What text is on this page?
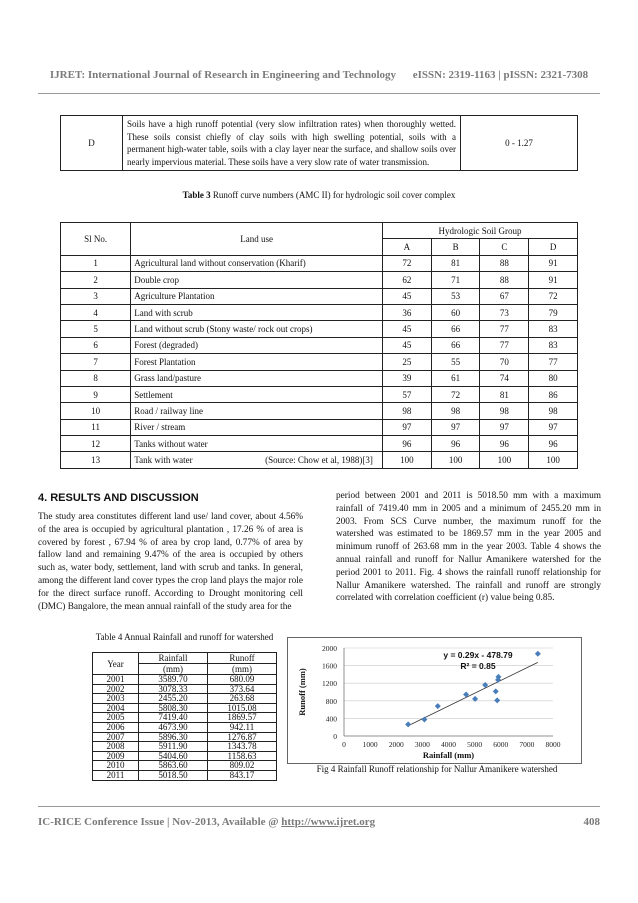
IJRET: International Journal of Research in Engineering and Technology eISSN: 2319-1163 | pISSN: 2321-7308
D	Soils have a high runoff potential (very slow infiltration rates) when thoroughly wetted. These soils consist chiefly of clay soils with high swelling potential, soils with a permanent high-water table, soils with a clay layer near the surface, and shallow soils over nearly impervious material. These soils have a very slow rate of water transmission.	0 - 1.27
Table 3 Runoff curve numbers (AMC II) for hydrologic soil cover complex
Sl No.	Land use	Hydrologic Soil Group			
		A	B	C	D
1	Agricultural land without conservation (Kharif)	72	81	88	91
2	Double crop	62	71	88	91
3	Agriculture Plantation	45	53	67	72
4	Land with scrub	36	60	73	79
5	Land without scrub (Stony waste/ rock out crops)	45	66	77	83
6	Forest (degraded)	45	66	77	83
7	Forest Plantation	25	55	70	77
8	Grass land/pasture	39	61	74	80
9	Settlement	57	72	81	86
10	Road / railway line	98	98	98	98
11	River / stream	97	97	97	97
12	Tanks without water	96	96	96	96
13	Tank with water	100	100	100	100
(Source: Chow et al, 1988)[3]
4. RESULTS AND DISCUSSION
The study area constitutes different land use/ land cover, about 4.56% of the area is occupied by agricultural plantation , 17.26 % of area is covered by forest , 67.94 % of area by crop land, 0.77% of area by fallow land and remaining 9.47% of the area is occupied by others such as, water body, settlement, land with scrub and tanks. In general, among the different land cover types the crop land plays the major role for the direct surface runoff. According to Drought monitoring cell (DMC) Bangalore, the mean annual rainfall of the study area for the
period between 2001 and 2011 is 5018.50 mm with a maximum rainfall of 7419.40 mm in 2005 and a minimum of 2455.20 mm in 2003. From SCS Curve number, the maximum runoff for the watershed was estimated to be 1869.57 mm in the year 2005 and minimum runoff of 263.68 mm in the year 2003. Table 4 shows the annual rainfall and runoff for Nallur Amanikere watershed for the period 2001 to 2011. Fig. 4 shows the rainfall runoff relationship for Nallur Amanikere watershed. The rainfall and runoff are strongly correlated with correlation coefficient (r) value being 0.85.
Table 4 Annual Rainfall and runoff for watershed
Year	Rainfall	Runoff
	(mm)	(mm)
2001	3589.70	680.09
2002	3078.33	373.64
2003	2455.20	263.68
2004	5808.30	1015.08
2005	7419.40	1869.57
2006	4673.90	942.11
2007	5896.30	1276.87
2008	5911.90	1343.78
2009	5404.60	1158.63
2010	5863.60	809.02
2011	5018.50	843.17
0
400
800
1200
1600
2000
0 1000 2000 3000 4000 5000 6000 7000 8000
y = 0.29x - 478.79
R² = 0.85
Rainfall (mm)
Runoff (mm)
Fig 4 Rainfall Runoff relationship for Nallur Amanikere watershed
IC-RICE Conference Issue | Nov-2013, Available @ http://www.ijret.org	408
